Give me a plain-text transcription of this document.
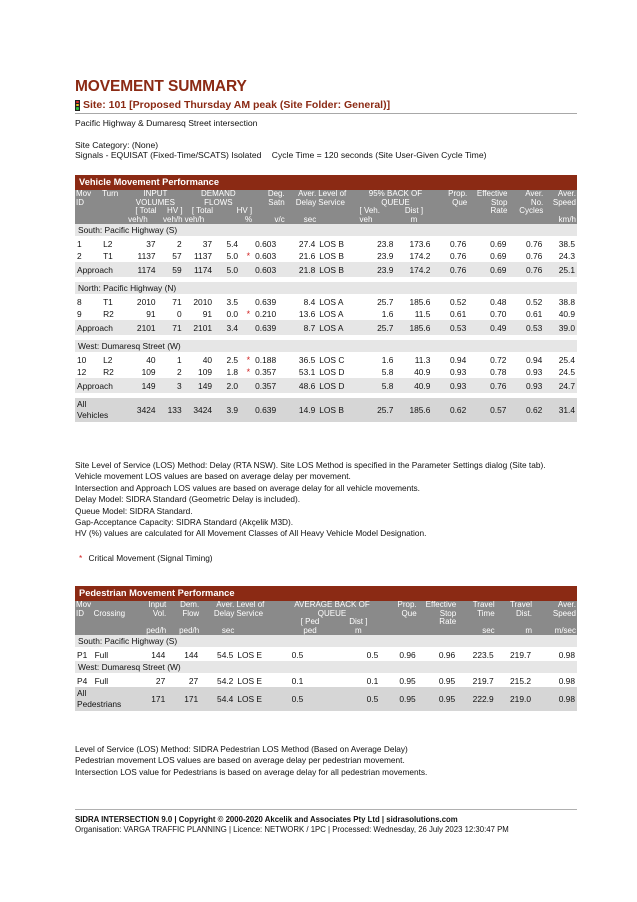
MOVEMENT SUMMARY
Site: 101 [Proposed Thursday AM peak (Site Folder: General)]
Pacific Highway & Dumaresq Street intersection
Site Category: (None)
Signals - EQUISAT (Fixed-Time/SCATS) Isolated Cycle Time = 120 seconds (Site User-Given Cycle Time)
Vehicle Movement Performance
Mov	Turn	INPUT		DEMAND			Deg.	Aver.	Level of	95% BACK OF		Prop.	Effective	Aver.	Aver.
ID		VOLUMES		FLOWS			Satn	Delay	Service	QUEUE		Que	Stop	No.	Speed
		[ Total	HV ]	[ Total	HV ]					[ Veh.	Dist ]		Rate	Cycles	
		veh/h	veh/h	veh/h	%		v/c	sec		veh	m				km/h
South: Pacific Highway (S)															
1	L2	37	2	37	5.4		0.603	27.4	LOS B	23.8	173.6	0.76	0.69	0.76	38.5
2	T1	1137	57	1137	5.0	*	0.603	21.6	LOS B	23.9	174.2	0.76	0.69	0.76	24.3
Approach		1174	59	1174	5.0		0.603	21.8	LOS B	23.9	174.2	0.76	0.69	0.76	25.1

North: Pacific Highway (N)															
8	T1	2010	71	2010	3.5		0.639	8.4	LOS A	25.7	185.6	0.52	0.48	0.52	38.8
9	R2	91	0	91	0.0	*	0.210	13.6	LOS A	1.6	11.5	0.61	0.70	0.61	40.9
Approach		2101	71	2101	3.4		0.639	8.7	LOS A	25.7	185.6	0.53	0.49	0.53	39.0

West: Dumaresq Street (W)															
10	L2	40	1	40	2.5	*	0.188	36.5	LOS C	1.6	11.3	0.94	0.72	0.94	25.4
12	R2	109	2	109	1.8	*	0.357	53.1	LOS D	5.8	40.9	0.93	0.78	0.93	24.5
Approach		149	3	149	2.0		0.357	48.6	LOS D	5.8	40.9	0.93	0.76	0.93	24.7

All
Vehicles		3424	133	3424	3.9		0.639	14.9	LOS B	25.7	185.6	0.62	0.57	0.62	31.4
Site Level of Service (LOS) Method: Delay (RTA NSW). Site LOS Method is specified in the Parameter Settings dialog (Site tab).
Vehicle movement LOS values are based on average delay per movement.
Intersection and Approach LOS values are based on average delay for all vehicle movements.
Delay Model: SIDRA Standard (Geometric Delay is included).
Queue Model: SIDRA Standard.
Gap-Acceptance Capacity: SIDRA Standard (Akçelik M3D).
HV (%) values are calculated for All Movement Classes of All Heavy Vehicle Model Designation.
* Critical Movement (Signal Timing)
Pedestrian Movement Performance
Mov		Input	Dem.	Aver.	Level of	AVERAGE BACK OF		Prop.	Effective	Travel	Travel	Aver.
ID	Crossing	Vol.	Flow	Delay	Service	QUEUE		Que	Stop	Time	Dist.	Speed
						[ Ped	Dist ]		Rate			
		ped/h	ped/h	sec		ped	m			sec	m	m/sec
South: Pacific Highway (S)												
P1	Full	144	144	54.5	LOS E	0.5	0.5	0.96	0.96	223.5	219.7	0.98
West: Dumaresq Street (W)												
P4	Full	27	27	54.2	LOS E	0.1	0.1	0.95	0.95	219.7	215.2	0.98
All
Pedestrians		171	171	54.4	LOS E	0.5	0.5	0.95	0.95	222.9	219.0	0.98
Level of Service (LOS) Method: SIDRA Pedestrian LOS Method (Based on Average Delay)
Pedestrian movement LOS values are based on average delay per pedestrian movement.
Intersection LOS value for Pedestrians is based on average delay for all pedestrian movements.
SIDRA INTERSECTION 9.0 | Copyright © 2000-2020 Akcelik and Associates Pty Ltd | sidrasolutions.com
Organisation: VARGA TRAFFIC PLANNING | Licence: NETWORK / 1PC | Processed: Wednesday, 26 July 2023 12:30:47 PM
